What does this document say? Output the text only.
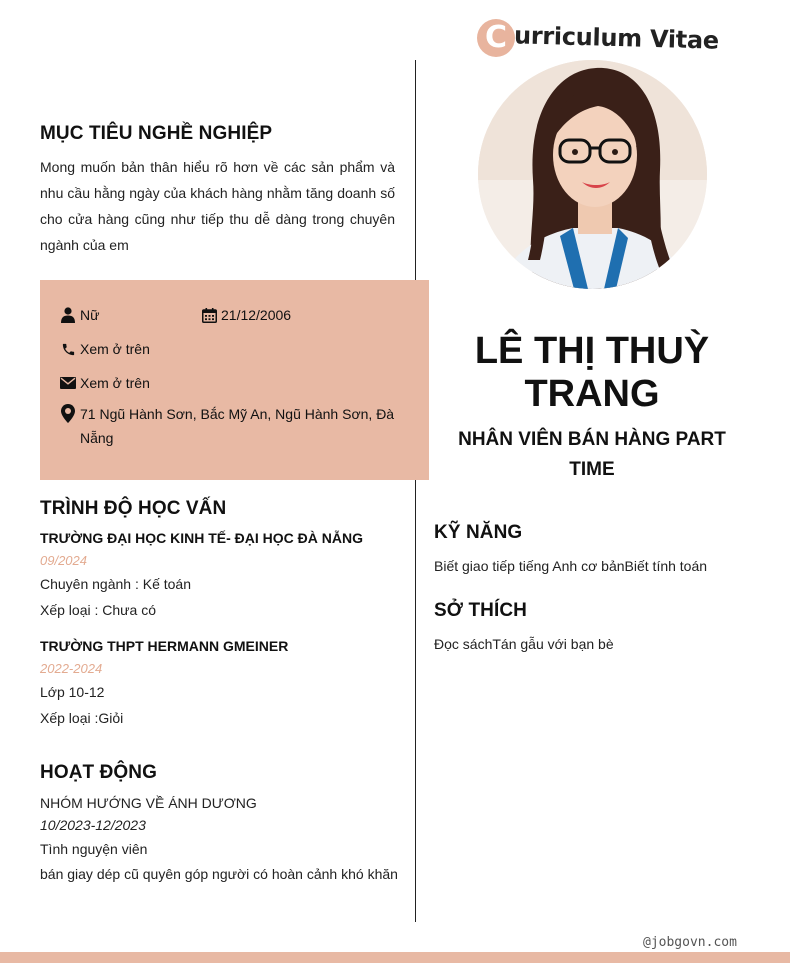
C urriculum Vitae
MỤC TIÊU NGHỀ NGHIỆP

Mong muốn bản thân hiểu rõ hơn về các sản phẩm và nhu cầu hằng ngày của khách hàng nhằm tăng doanh số cho cửa hàng cũng như tiếp thu dễ dàng trong chuyên ngành của em

Nữ	21/12/2006
Xem ở trên
Xem ở trên
71 Ngũ Hành Sơn, Bắc Mỹ An, Ngũ Hành Sơn, Đà Nẵng
TRÌNH ĐỘ HỌC VẤN
TRƯỜNG ĐẠI HỌC KINH TẾ- ĐẠI HỌC ĐÀ NẴNG
09/2024
Chuyên ngành : Kế toán
Xếp loại : Chưa có
TRƯỜNG THPT HERMANN GMEINER
2022-2024
Lớp 10-12
Xếp loại :Giỏi
HOẠT ĐỘNG
NHÓM HƯỚNG VỀ ÁNH DƯƠNG
10/2023-12/2023
Tình nguyện viên
bán giay dép cũ quyên góp người có hoàn cảnh khó khăn
LÊ THỊ THUỲ
TRANG
NHÂN VIÊN BÁN HÀNG PART
TIME
KỸ NĂNG
Biết giao tiếp tiếng Anh cơ bảnBiết tính toán
SỞ THÍCH
Đọc sáchTán gẫu với bạn bè
@jobgovn.com
